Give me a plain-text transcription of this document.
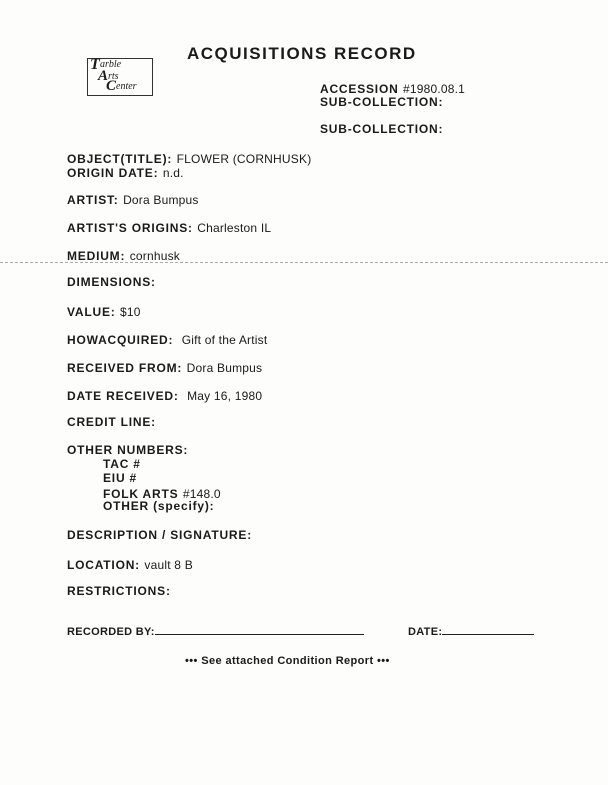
T arble
A rts
C enter
ACQUISITIONS RECORD
ACCESSION #1980.08.1
SUB-COLLECTION:
SUB-COLLECTION:
OBJECT(TITLE): FLOWER (CORNHUSK)
ORIGIN DATE: n.d.
ARTIST: Dora Bumpus
ARTIST'S ORIGINS: Charleston IL
MEDIUM: cornhusk
DIMENSIONS:
VALUE: $10
HOWACQUIRED: Gift of the Artist
RECEIVED FROM: Dora Bumpus
DATE RECEIVED: May 16, 1980
CREDIT LINE:
OTHER NUMBERS:
TAC #
EIU #
FOLK ARTS #148.0
OTHER (specify):
DESCRIPTION / SIGNATURE:
LOCATION: vault 8 B
RESTRICTIONS:
RECORDED BY:	DATE:
••• See attached Condition Report •••
